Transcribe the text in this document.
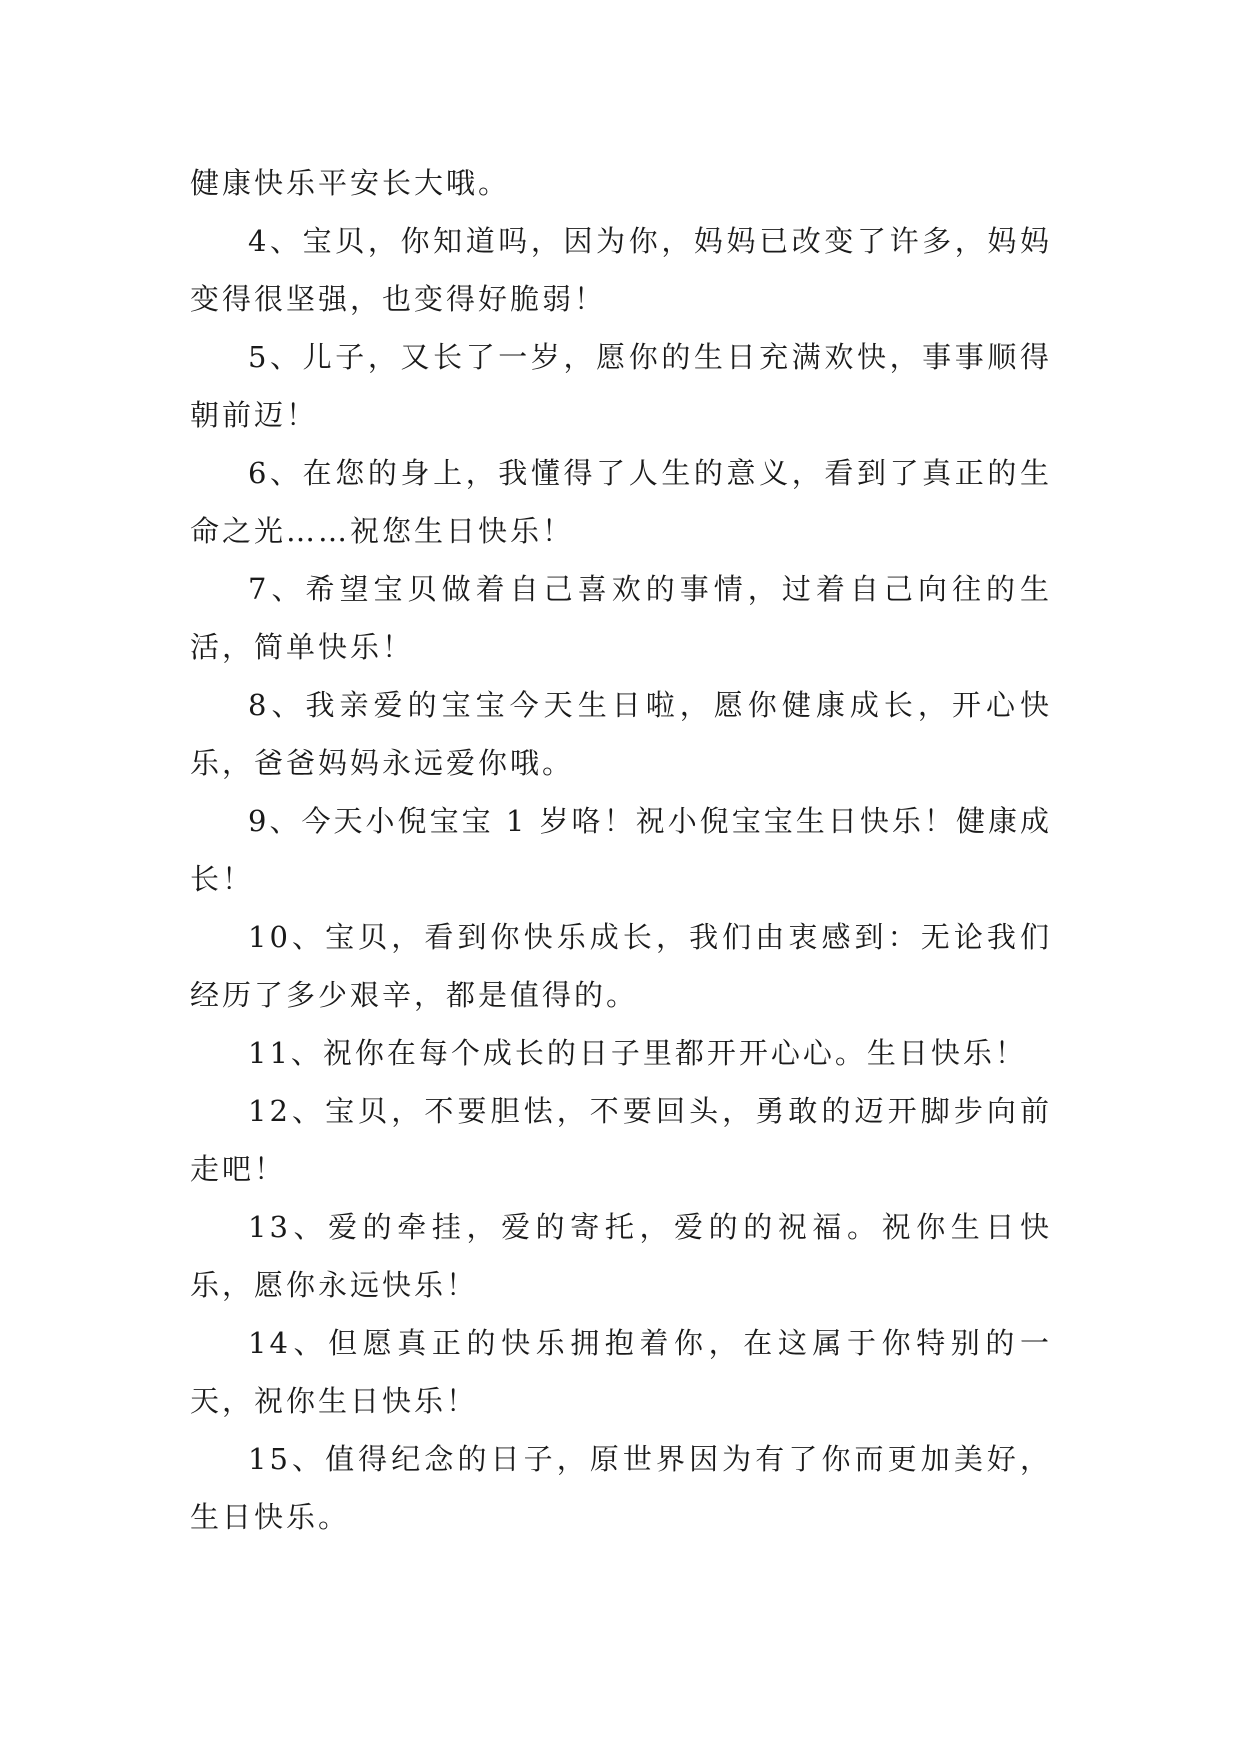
健康快乐平安长大哦。

4、宝贝，你知道吗，因为你，妈妈已改变了许多，妈妈变得很坚强，也变得好脆弱！

5、儿子，又长了一岁，愿你的生日充满欢快，事事顺得朝前迈！

6、在您的身上，我懂得了人生的意义，看到了真正的生命之光……祝您生日快乐！

7、希望宝贝做着自己喜欢的事情，过着自己向往的生活，简单快乐！

8、我亲爱的宝宝今天生日啦，愿你健康成长，开心快乐，爸爸妈妈永远爱你哦。

9、今天小倪宝宝 1 岁咯！祝小倪宝宝生日快乐！健康成长！

10、宝贝，看到你快乐成长，我们由衷感到：无论我们经历了多少艰辛，都是值得的。

11、祝你在每个成长的日子里都开开心心。生日快乐！

12、宝贝，不要胆怯，不要回头，勇敢的迈开脚步向前走吧！

13、爱的牵挂，爱的寄托，爱的的祝福。祝你生日快乐，愿你永远快乐！

14、但愿真正的快乐拥抱着你，在这属于你特别的一天，祝你生日快乐！

15、值得纪念的日子，原世界因为有了你而更加美好，生日快乐。
